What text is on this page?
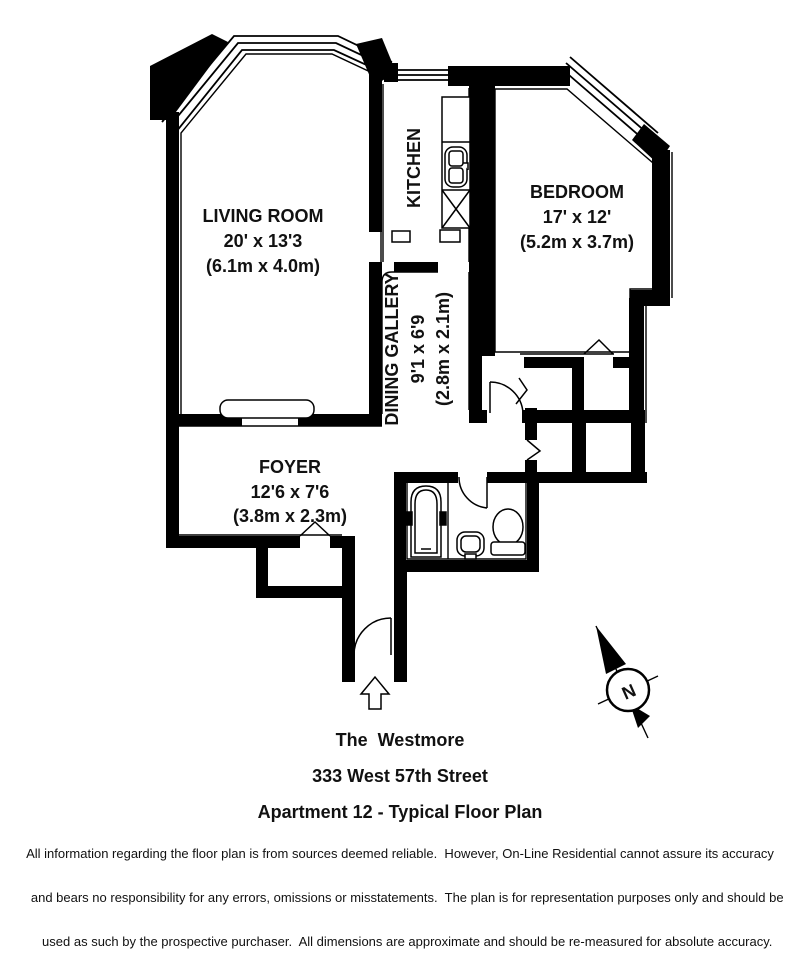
N
LIVING ROOM
20' x 13'3
(6.1m x 4.0m)
KITCHEN	BEDROOM
17' x 12'
(5.2m x 3.7m)
DINING GALLERY 9'1 x 6'9 (2.8m x 2.1m)
FOYER
12'6 x 7'6
(3.8m x 2.3m)
The  Westmore
333 West 57th Street
Apartment 12 - Typical Floor Plan
All information regarding the floor plan is from sources deemed reliable.  However, On-Line Residential cannot assure its accuracy

and bears no responsibility for any errors, omissions or misstatements.  The plan is for representation purposes only and should be

used as such by the prospective purchaser.  All dimensions are approximate and should be re-measured for absolute accuracy.
